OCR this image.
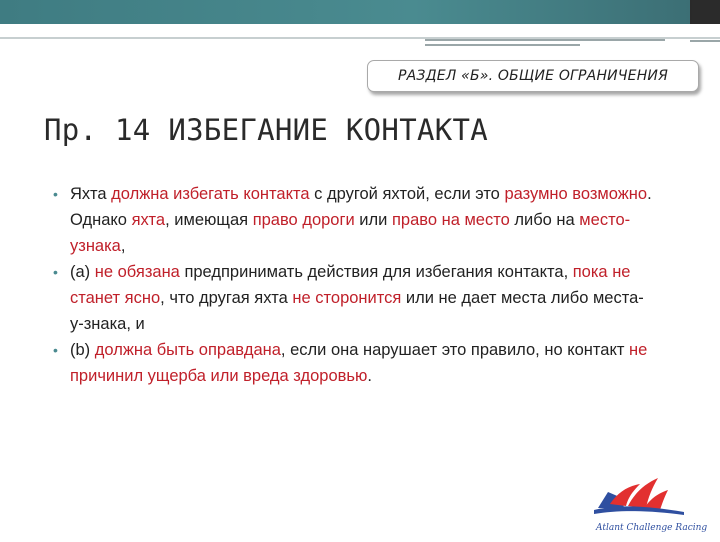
РАЗДЕЛ «Б». ОБЩИЕ ОГРАНИЧЕНИЯ
Пр. 14 ИЗБЕГАНИЕ КОНТАКТА
• Яхта должна избегать контакта с другой яхтой, если это разумно возможно. Однако яхта, имеющая право дороги или право на место либо на место-узнака,
• (a) не обязана предпринимать действия для избегания контакта, пока не станет ясно, что другая яхта не сторонится или не дает места либо места-у-знака, и
• (b) должна быть оправдана, если она нарушает это правило, но контакт не причинил ущерба или вреда здоровью.
Atlant Challenge Racing
